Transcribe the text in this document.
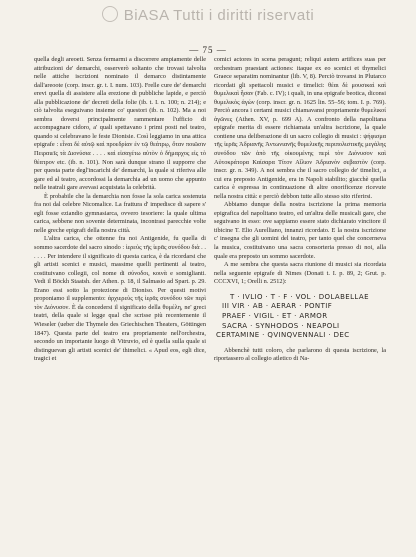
BiASA Tutti i diritti riservati
— 75 —

quella degli areoeti. Senza fermarmi a discorrere ampiamente delle attribuzioni de' demarchi, osserverò soltanto che trovasi talvolta nelle attiche iscrizioni nominato il demarco distintamente dall'areoote (corp. inscr. gr. t. I. num. 103). Frelle cure de' demarchi erevi quella di assistere alla erezione di pubbliche lapide, e perciò alla pubblicazione de' decreti della folie (ib. t. I. n. 100; n. 214); e ciò talvolta eseguivano insieme co' questori (ib. n. 102). Ma a noi sembra doversi principalmente rammentare l'ufficio di accompagnare cidoro, a' quali spettavano i primi posti nel teatro, quando si celebravano le feste Dionisie. Così leggiamo in una attica epigrafe : εἶναι δὲ αὐτῷ καὶ προεδρίαν ἐν τῷ θεάτρῳ, ὅταν ποιῶσιν Πειραιεῖς τὰ Διονύσια . . . . καὶ εἰσαγέτω αὐτὸν ὁ δήμαρχος εἰς τὸ θέατρον etc. (ib. n. 101). Non sarà dunque strano il supporre che per questa parte degl'incarichi de' demarchi, la quale si riferiva alle gare ed al teatro, accordossi la demarchia ad un uomo che appunto nelle teatrali gare avevasi acquistata la celebrità.

È probabile che la demarchia non fosse la sola carica sostenuta fra noi dal celebre Nicomalice. La frattura d' impedisce di sapere s' egli fosse eziandio gymnasiarca, ovvero tesoriere: la quale ultima carica, sebbene non sovente determinata, incontrasi parecchie volte nelle greche epigrafi della nostra città.

L'altra carica, che ottenne fra noi Antigenide, fu quella di sommo sacerdote del sacro sinodo : ἱερεὺς τῆς ἱερᾶς συνόδου διὰ . . . . . . Per intendere il significato di questa carica, è da ricordarsi che gli artisti scenici e musici, massime quelli pertinenti al teatro, costituivano collegii, col nome di σύνοδοι, κοινὰ e somiglianti. Vedi il Böckh Staatsh. der Athen. p. 18, il Salmasio ad Spart. p. 29. Erano essi sotto la protezione di Dioniso. Per questi motivi proponiamo il supplemento: ἀρχιερεὺς τῆς ἱερᾶς συνόδου τῶν περὶ τὸν Διόνυσον. È da concedersi il significato della θυμέλη, ne' greci teatri, della quale si legge qual che scrisse più recentemente il Wieseler (ueber die Thymele des Griechischen Theaters, Göttingen 1847). Questa parte del teatro era propriamente nell'orchestra, secondo un importante luogo di Vitruvio, ed è quella sulla quale si distinguevan gli artisti scenici de' thimelici. « Apud eos, egli dice, tragici et

comici actores in scena peragunt; reliqui autem artifices suas per orchestram praestant actiones: itaque ex eo scenici et thymelici Graece separatim nominantur (lib. V, 8). Perciò trovansi in Plutarco ricordati gli spettacoli musici e timelici: θέαι δὲ μουσικαὶ καὶ θυμελικαὶ ἦσαν (Fab. c. IV); i quali, in una epigrafe beotica, diconsi θυμελικὸς ἀγών (corp. inscr. gr. n. 1625 lin. 55–56; tom. I. p. 769). Perciò ancora i certami musici chiamavansi propriamente θυμελικοί ἀγῶνες (Athen. XV, p. 699 A). A confronto della napolitana epigrafe merita di essere richiamata un'altra iscrizione, la quale contiene una deliberazione di un sacro collegio di musici : ψήφισμα τῆς ἱερᾶς Ἀδριανῆς Ἀντωνιανῆς θυμελικῆς περιπολιστικῆς μεγάλης συνόδου τῶν ἀπὸ τῆς οἰκουμένης περὶ τὸν Διόνυσον καὶ Αὐτοκράτορα Καίσαρα Τίτον Αἴλιον Ἀδριανὸν σεβαστὸν (corp. inscr. gr. n. 349). A noi sembra che il sacro collegio de' timelici, a cui era preposto Antigenide, era in Napoli stabilito; giacchè quella carica è espressa in continuazione di altre onorificenze ricevute nella nostra città: e perciò debbon tutte allo stesso sito riferirsi.

Abbiamo dunque della nostra iscrizione la prima memoria epigrafica del napolitano teatro, ed un'altra delle musicali gare, che seguivano in esso: ove sappiamo essere stato dichiarato vincitore il tibicine T. Elio Aurelliano, innanzi ricordato. E la nostra iscrizione c' insegna che gli uomini del teatro, per tanto quel che concerneva la musica, costituivano una sacra consorteria presso di noi, alla quale era preposto un sommo sacerdote.

A me sembra che questa sacra riunione di musici sia ricordata nella seguente epigrafe di Nimes (Donati t. I. p. 89, 2; Grut. p. CCCXVI, 1; Orelli n. 2512):

T · IVLIO · T · F · VOL · DOLABELLAE
III VIR · AB · AERAR · PONTIF
PRAEF · VIGIL · ET · ARMOR
SACRA · SYNHODOS · NEAPOLI
CERTAMINE · QVINQVENNALI · DEC

Abbenchè tutti coloro, che parlarono di questa iscrizione, la riportassero al collegio atletico di Na-
